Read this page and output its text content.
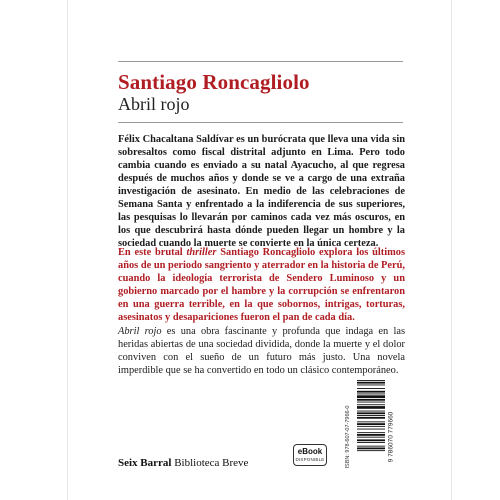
Santiago Roncagliolo
Abril rojo

Félix Chacaltana Saldívar es un burócrata que lleva una vida sin sobresaltos como fiscal distrital adjunto en Lima. Pero todo cambia cuando es enviado a su natal Ayacucho, al que regresa después de muchos años y donde se ve a cargo de una extraña investigación de asesinato. En medio de las celebraciones de Semana Santa y enfrentado a la indiferencia de sus superiores, las pesquisas lo llevarán por caminos cada vez más oscuros, en los que descubrirá hasta dónde pueden llegar un hombre y la sociedad cuando la muerte se convierte en la única certeza.

En este brutal thriller Santiago Roncagliolo explora los últimos años de un periodo sangriento y aterrador en la historia de Perú, cuando la ideología terrorista de Sendero Luminoso y un gobierno marcado por el hambre y la corrupción se enfrentaron en una guerra terrible, en la que sobornos, intrigas, torturas, asesinatos y desapariciones fueron el pan de cada día.

Abril rojo es una obra fascinante y profunda que indaga en las heridas abiertas de una sociedad dividida, donde la muerte y el dolor conviven con el sueño de un futuro más justo. Una novela imperdible que se ha convertido en todo un clásico contemporáneo.

Seix Barral Biblioteca Breve
eBook
DISPONIBLE	ISBN: 978-607-07-7966-0	9 786070 779660
